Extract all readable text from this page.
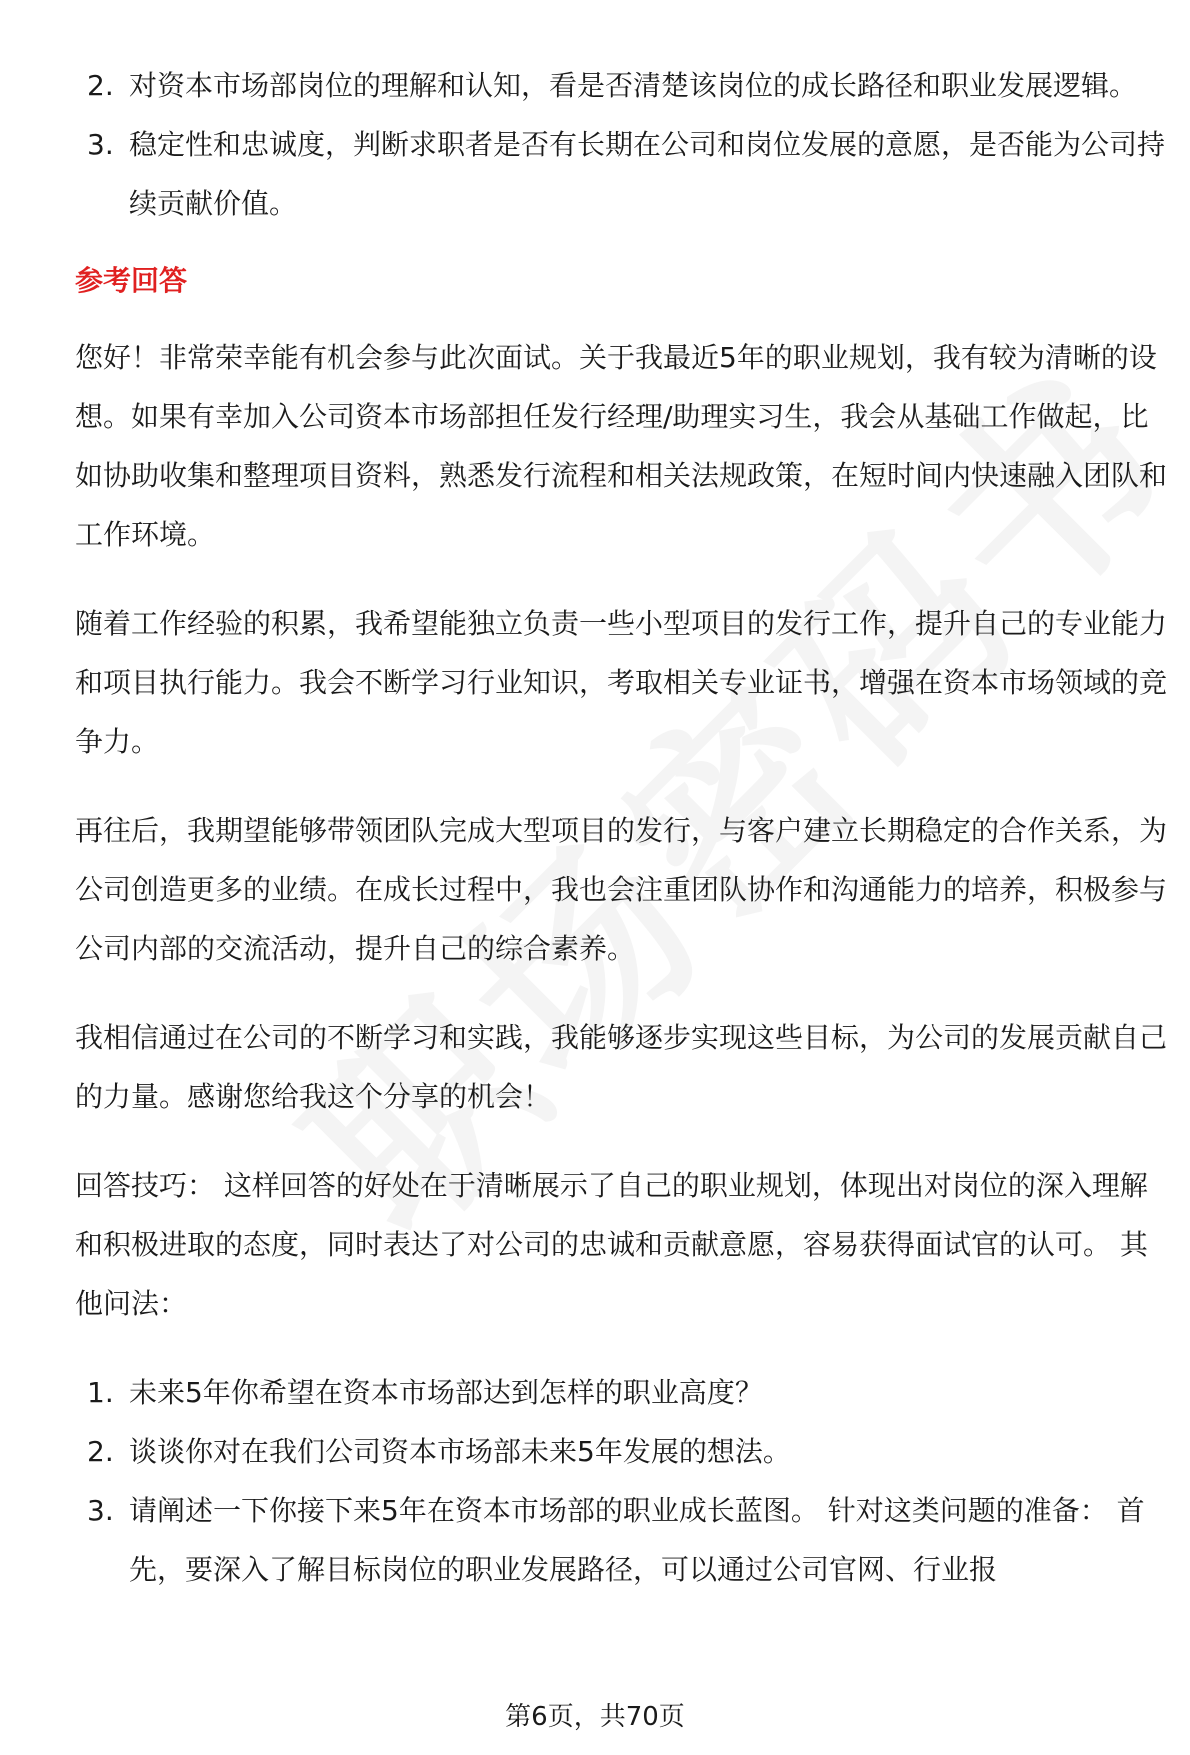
2. 对资本市场部岗位的理解和认知，看是否清楚该岗位的成长路径和职业发展逻辑。
3. 稳定性和忠诚度，判断求职者是否有长期在公司和岗位发展的意愿，是否能为公司持续贡献价值。
参考回答

您好！非常荣幸能有机会参与此次面试。关于我最近5年的职业规划，我有较为清晰的设想。如果有幸加入公司资本市场部担任发行经理/助理实习生，我会从基础工作做起，比如协助收集和整理项目资料，熟悉发行流程和相关法规政策，在短时间内快速融入团队和工作环境。

随着工作经验的积累，我希望能独立负责一些小型项目的发行工作，提升自己的专业能力和项目执行能力。我会不断学习行业知识，考取相关专业证书，增强在资本市场领域的竞争力。

再往后，我期望能够带领团队完成大型项目的发行，与客户建立长期稳定的合作关系，为公司创造更多的业绩。在成长过程中，我也会注重团队协作和沟通能力的培养，积极参与公司内部的交流活动，提升自己的综合素养。

我相信通过在公司的不断学习和实践，我能够逐步实现这些目标，为公司的发展贡献自己的力量。感谢您给我这个分享的机会！

回答技巧： 这样回答的好处在于清晰展示了自己的职业规划，体现出对岗位的深入理解和积极进取的态度，同时表达了对公司的忠诚和贡献意愿，容易获得面试官的认可。 其他问法：

1. 未来5年你希望在资本市场部达到怎样的职业高度？
2. 谈谈你对在我们公司资本市场部未来5年发展的想法。
3. 请阐述一下你接下来5年在资本市场部的职业成长蓝图。 针对这类问题的准备： 首先，要深入了解目标岗位的职业发展路径，可以通过公司官网、行业报
第6页，共70页
